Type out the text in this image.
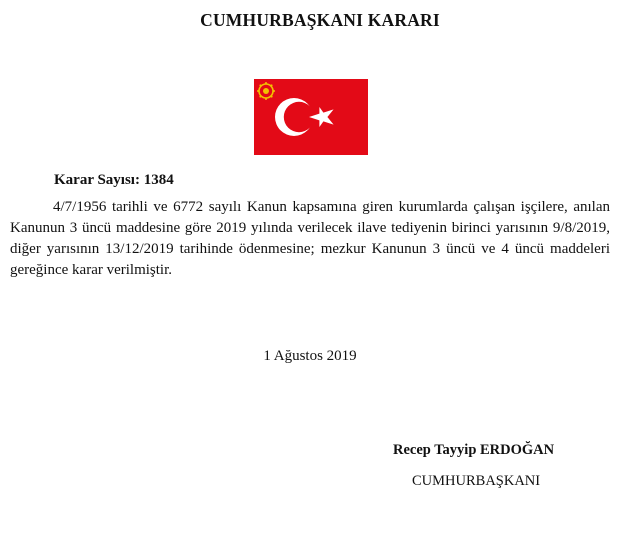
CUMHURBAŞKANI KARARI
Karar Sayısı: 1384

4/7/1956 tarihli ve 6772 sayılı Kanun kapsamına giren kurumlarda çalışan işçilere, anılan Kanunun 3 üncü maddesine göre 2019 yılında verilecek ilave tediyenin birinci yarısının 9/8/2019, diğer yarısının 13/12/2019 tarihinde ödenmesine; mezkur Kanunun 3 üncü ve 4 üncü maddeleri gereğince karar verilmiştir.

1 Ağustos 2019
Recep Tayyip ERDOĞAN
CUMHURBAŞKANI
